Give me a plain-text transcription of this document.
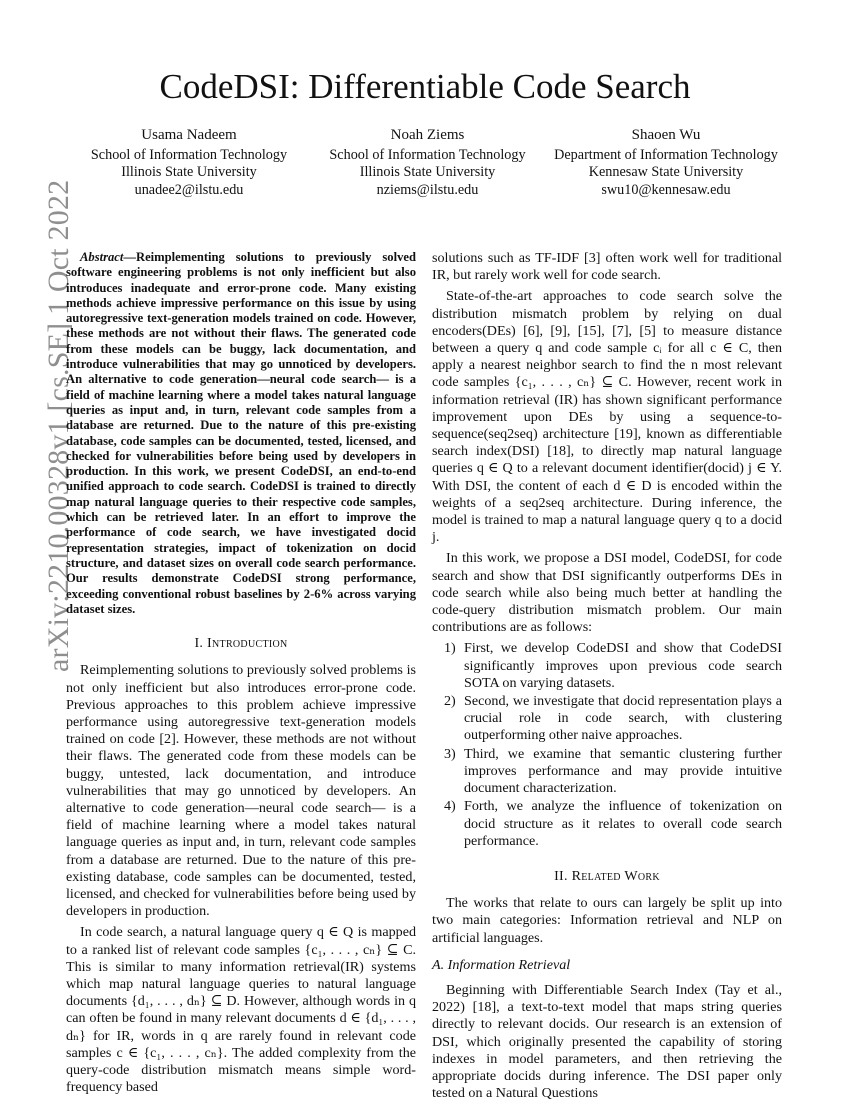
arXiv:2210.00328v1 [cs.SE] 1 Oct 2022
CodeDSI: Differentiable Code Search
Usama Nadeem
School of Information Technology
Illinois State University
unadee2@ilstu.edu
Noah Ziems
School of Information Technology
Illinois State University
nziems@ilstu.edu
Shaoen Wu
Department of Information Technology
Kennesaw State University
swu10@kennesaw.edu

Abstract—Reimplementing solutions to previously solved software engineering problems is not only inefficient but also introduces inadequate and error-prone code. Many existing methods achieve impressive performance on this issue by using autoregressive text-generation models trained on code. However, these methods are not without their flaws. The generated code from these models can be buggy, lack documentation, and introduce vulnerabilities that may go unnoticed by developers. An alternative to code generation—neural code search— is a field of machine learning where a model takes natural language queries as input and, in turn, relevant code samples from a database are returned. Due to the nature of this pre-existing database, code samples can be documented, tested, licensed, and checked for vulnerabilities before being used by developers in production. In this work, we present CodeDSI, an end-to-end unified approach to code search. CodeDSI is trained to directly map natural language queries to their respective code samples, which can be retrieved later. In an effort to improve the performance of code search, we have investigated docid representation strategies, impact of tokenization on docid structure, and dataset sizes on overall code search performance. Our results demonstrate CodeDSI strong performance, exceeding conventional robust baselines by 2-6% across varying dataset sizes.

I. Introduction

Reimplementing solutions to previously solved problems is not only inefficient but also introduces error-prone code. Previous approaches to this problem achieve impressive performance using autoregressive text-generation models trained on code [2]. However, these methods are not without their flaws. The generated code from these models can be buggy, untested, lack documentation, and introduce vulnerabilities that may go unnoticed by developers. An alternative to code generation—neural code search— is a field of machine learning where a model takes natural language queries as input and, in turn, relevant code samples from a database are returned. Due to the nature of this pre-existing database, code samples can be documented, tested, licensed, and checked for vulnerabilities before being used by developers in production.

In code search, a natural language query q ∈ Q is mapped to a ranked list of relevant code samples {c₁, . . . , cₙ} ⊆ C. This is similar to many information retrieval(IR) systems which map natural language queries to natural language documents {d₁, . . . , dₙ} ⊆ D. However, although words in q can often be found in many relevant documents d ∈ {d₁, . . . , dₙ} for IR, words in q are rarely found in relevant code samples c ∈ {c₁, . . . , cₙ}. The added complexity from the query-code distribution mismatch means simple word-frequency based

solutions such as TF-IDF [3] often work well for traditional IR, but rarely work well for code search.

State-of-the-art approaches to code search solve the distribution mismatch problem by relying on dual encoders(DEs) [6], [9], [15], [7], [5] to measure distance between a query q and code sample cᵢ for all c ∈ C, then apply a nearest neighbor search to find the n most relevant code samples {c₁, . . . , cₙ} ⊆ C. However, recent work in information retrieval (IR) has shown significant performance improvement upon DEs by using a sequence-to-sequence(seq2seq) architecture [19], known as differentiable search index(DSI) [18], to directly map natural language queries q ∈ Q to a relevant document identifier(docid) j ∈ Y. With DSI, the content of each d ∈ D is encoded within the weights of a seq2seq architecture. During inference, the model is trained to map a natural language query q to a docid j.

In this work, we propose a DSI model, CodeDSI, for code search and show that DSI significantly outperforms DEs in code search while also being much better at handling the code-query distribution mismatch problem. Our main contributions are as follows:

1) First, we develop CodeDSI and show that CodeDSI significantly improves upon previous code search SOTA on varying datasets.
2) Second, we investigate that docid representation plays a crucial role in code search, with clustering outperforming other naive approaches.
3) Third, we examine that semantic clustering further improves performance and may provide intuitive document characterization.
4) Forth, we analyze the influence of tokenization on docid structure as it relates to overall code search performance.
II. Related Work

The works that relate to ours can largely be split up into two main categories: Information retrieval and NLP on artificial languages.

A. Information Retrieval

Beginning with Differentiable Search Index (Tay et al., 2022) [18], a text-to-text model that maps string queries directly to relevant docids. Our research is an extension of DSI, which originally presented the capability of storing indexes in model parameters, and then retrieving the appropriate docids during inference. The DSI paper only tested on a Natural Questions
